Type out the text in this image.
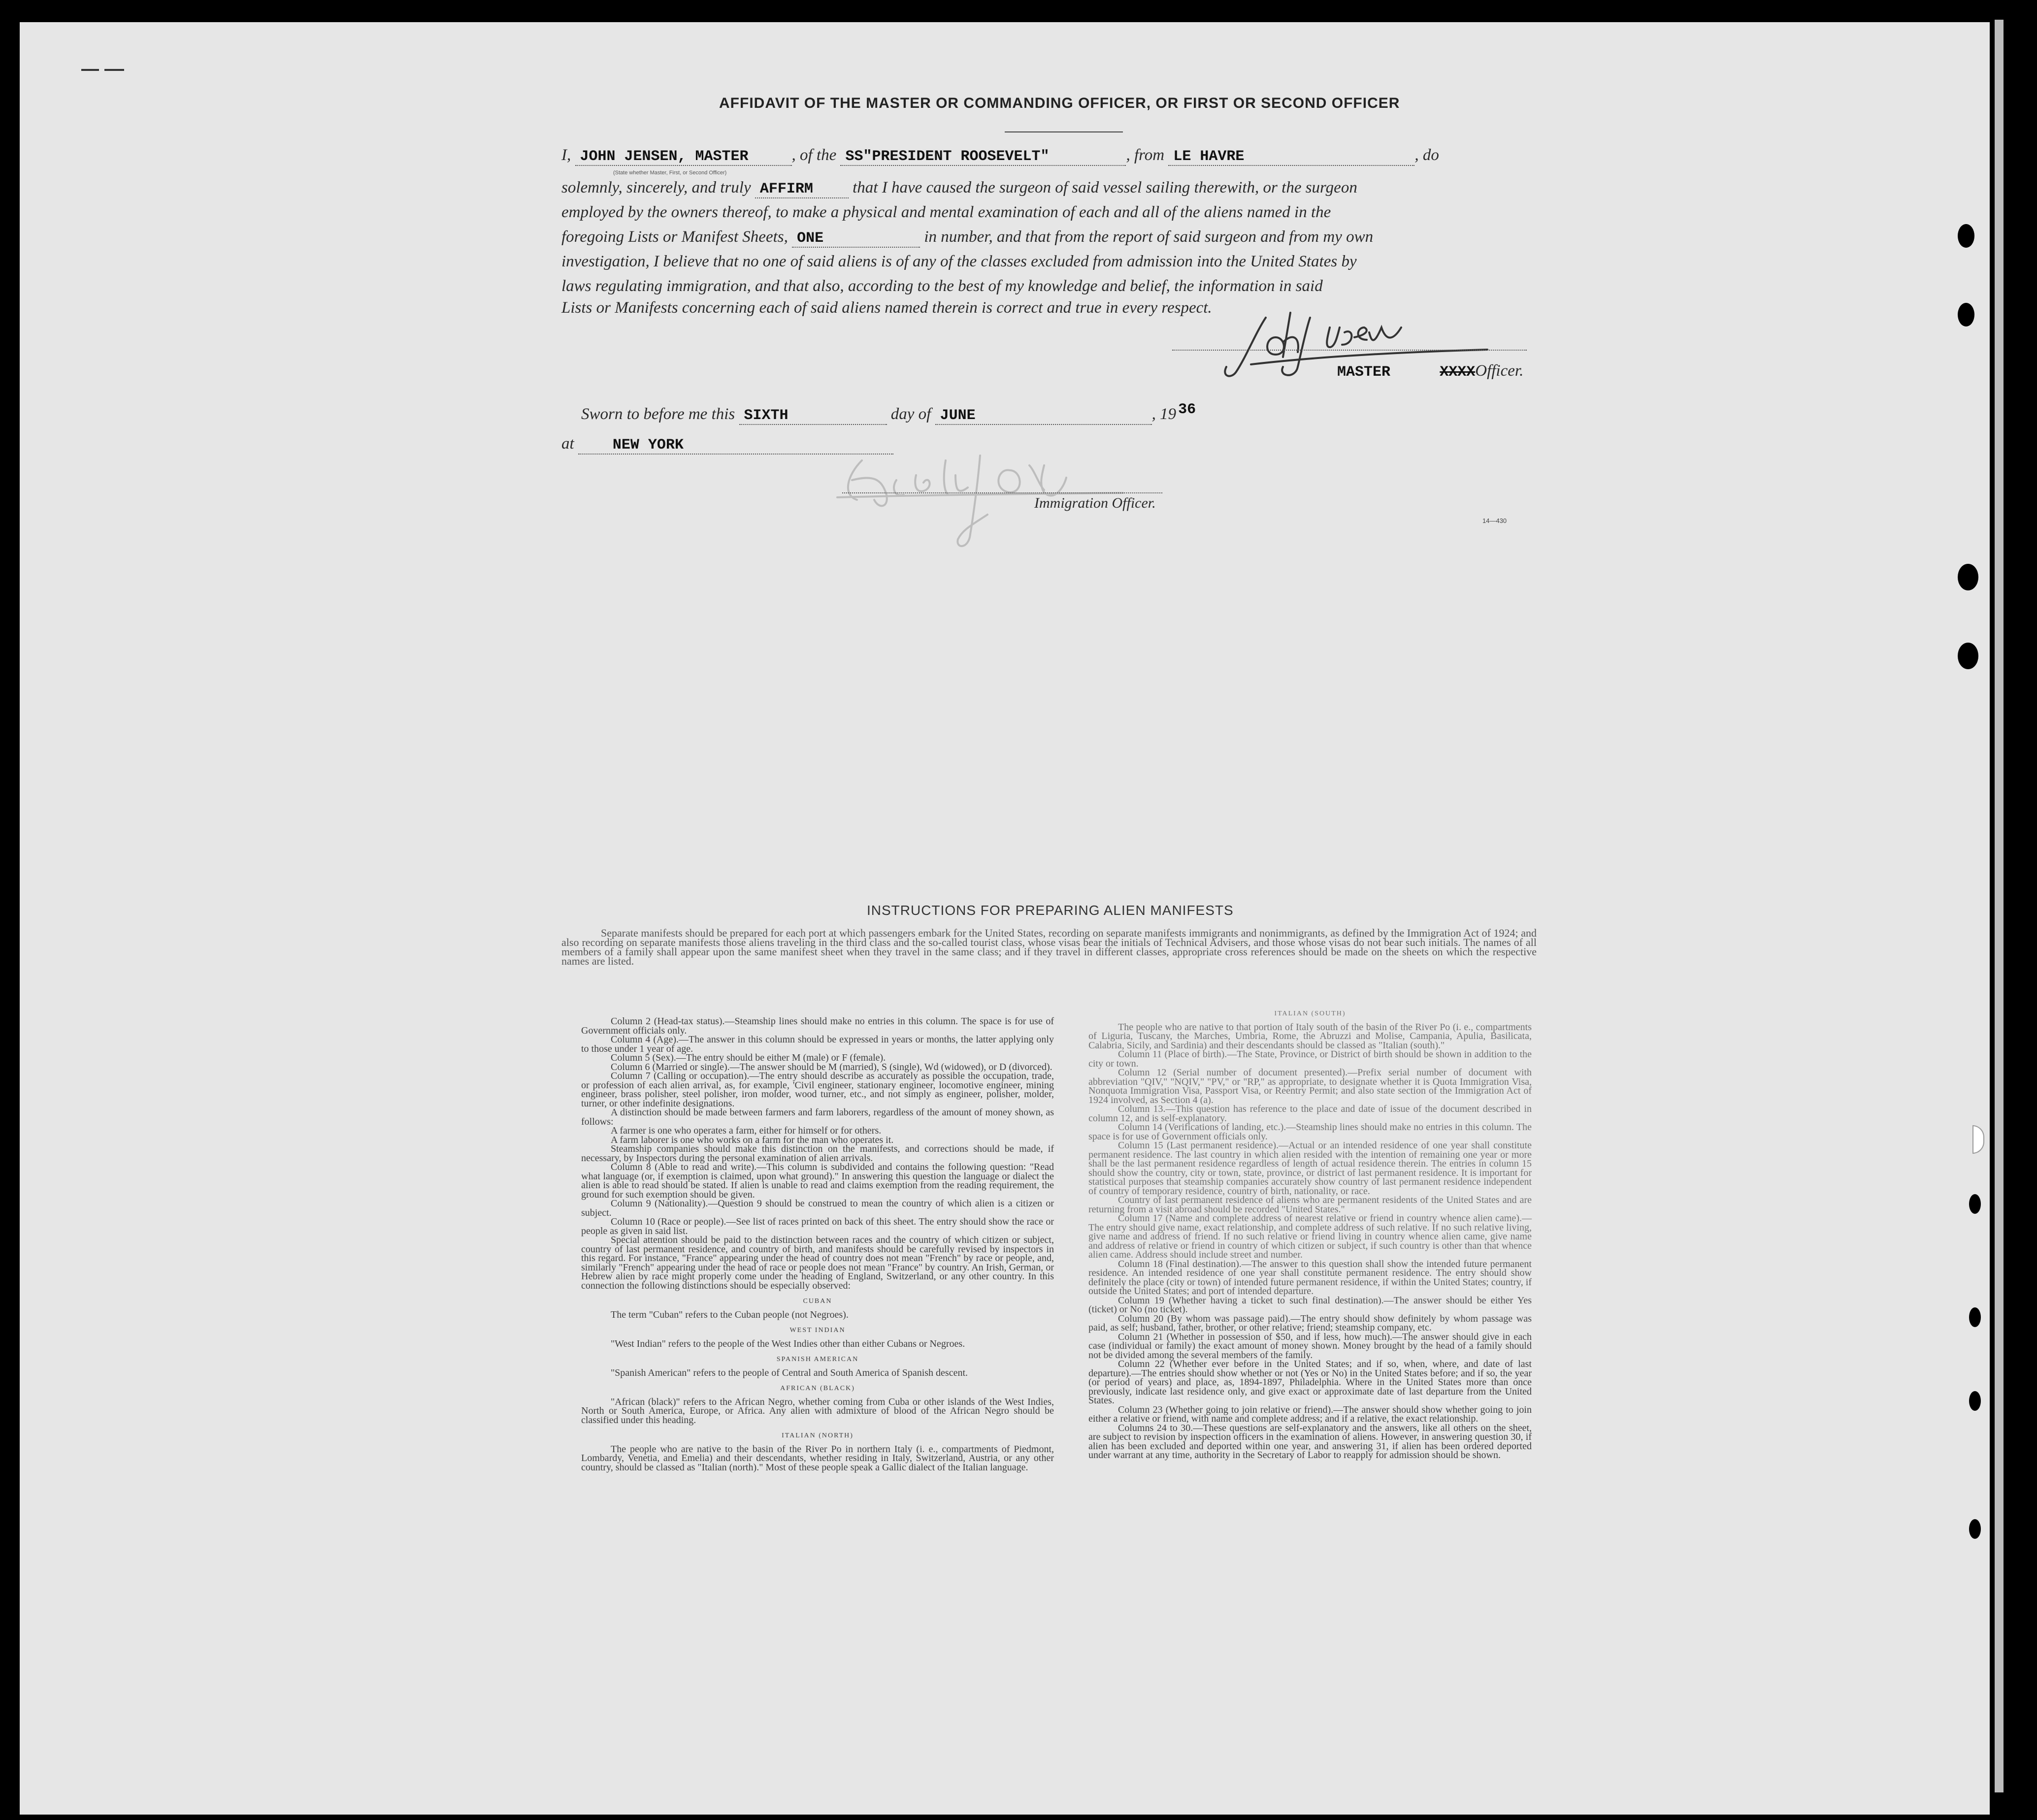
AFFIDAVIT OF THE MASTER OR COMMANDING OFFICER, OR FIRST OR SECOND OFFICER
I, JOHN JENSEN, MASTER	, of the SS"PRESIDENT ROOSEVELT"	, from LE HAVRE	, do
(State whether Master, First, or Second Officer)
solemnly, sincerely, and truly AFFIRM that I have caused the surgeon of said vessel sailing therewith, or the surgeon
employed by the owners thereof, to make a physical and mental examination of each and all of the aliens named in the
foregoing Lists or Manifest Sheets, ONE	in number, and that from the report of said surgeon and from my own
investigation, I believe that no one of said aliens is of any of the classes excluded from admission into the United States by
laws regulating immigration, and that also, according to the best of my knowledge and belief, the information in said
Lists or Manifests concerning each of said aliens named therein is correct and true in every respect.
MASTER	XXXXOfficer.
Sworn to before me this SIXTH	day of JUNE	, 19 36
at	NEW YORK
Immigration Officer.
14—430
INSTRUCTIONS FOR PREPARING ALIEN MANIFESTS

Separate manifests should be prepared for each port at which passengers embark for the United States, recording on separate manifests immigrants and nonimmigrants, as defined by the Immigration Act of 1924; and also recording on separate manifests those aliens traveling in the third class and the so-called tourist class, whose visas bear the initials of Technical Advisers, and those whose visas do not bear such initials. The names of all members of a family shall appear upon the same manifest sheet when they travel in the same class; and if they travel in different classes, appropriate cross references should be made on the sheets on which the respective names are listed.

Column 2 (Head-tax status).—Steamship lines should make no entries in this column. The space is for use of Government officials only.

Column 4 (Age).—The answer in this column should be expressed in years or months, the latter applying only to those under 1 year of age.

Column 5 (Sex).—The entry should be either M (male) or F (female).

Column 6 (Married or single).—The answer should be M (married), S (single), Wd (widowed), or D (divorced).

Column 7 (Calling or occupation).—The entry should describe as accurately as possible the occupation, trade, or profession of each alien arrival, as, for example, 'Civil engineer, stationary engineer, locomotive engineer, mining engineer, brass polisher, steel polisher, iron molder, wood turner, etc., and not simply as engineer, polisher, molder, turner, or other indefinite designations.

A distinction should be made between farmers and farm laborers, regardless of the amount of money shown, as follows:

A farmer is one who operates a farm, either for himself or for others.

A farm laborer is one who works on a farm for the man who operates it.

Steamship companies should make this distinction on the manifests, and corrections should be made, if necessary, by Inspectors during the personal examination of alien arrivals.

Column 8 (Able to read and write).—This column is subdivided and contains the following question: "Read what language (or, if exemption is claimed, upon what ground)." In answering this question the language or dialect the alien is able to read should be stated. If alien is unable to read and claims exemption from the reading requirement, the ground for such exemption should be given.

Column 9 (Nationality).—Question 9 should be construed to mean the country of which alien is a citizen or subject.

Column 10 (Race or people).—See list of races printed on back of this sheet. The entry should show the race or people as given in said list.

Special attention should be paid to the distinction between races and the country of which citizen or subject, country of last permanent residence, and country of birth, and manifests should be carefully revised by inspectors in this regard. For instance, "France" appearing under the head of country does not mean "French" by race or people, and, similarly "French" appearing under the head of race or people does not mean "France" by country. An Irish, German, or Hebrew alien by race might properly come under the heading of England, Switzerland, or any other country. In this connection the following distinctions should be especially observed:

CUBAN

The term "Cuban" refers to the Cuban people (not Negroes).

WEST INDIAN

"West Indian" refers to the people of the West Indies other than either Cubans or Negroes.

SPANISH AMERICAN

"Spanish American" refers to the people of Central and South America of Spanish descent.

AFRICAN (BLACK)

"African (black)" refers to the African Negro, whether coming from Cuba or other islands of the West Indies, North or South America, Europe, or Africa. Any alien with admixture of blood of the African Negro should be classified under this heading.

ITALIAN (NORTH)

The people who are native to the basin of the River Po in northern Italy (i. e., compartments of Piedmont, Lombardy, Venetia, and Emelia) and their descendants, whether residing in Italy, Switzerland, Austria, or any other country, should be classed as "Italian (north)." Most of these people speak a Gallic dialect of the Italian language.

ITALIAN (SOUTH)

The people who are native to that portion of Italy south of the basin of the River Po (i. e., compartments of Liguria, Tuscany, the Marches, Umbria, Rome, the Abruzzi and Molise, Campania, Apulia, Basilicata, Calabria, Sicily, and Sardinia) and their descendants should be classed as "Italian (south)."

Column 11 (Place of birth).—The State, Province, or District of birth should be shown in addition to the city or town.

Column 12 (Serial number of document presented).—Prefix serial number of document with abbreviation "QIV," "NQIV," "PV," or "RP," as appropriate, to designate whether it is Quota Immigration Visa, Nonquota Immigration Visa, Passport Visa, or Reentry Permit; and also state section of the Immigration Act of 1924 involved, as Section 4 (a).

Column 13.—This question has reference to the place and date of issue of the document described in column 12, and is self-explanatory.

Column 14 (Verifications of landing, etc.).—Steamship lines should make no entries in this column. The space is for use of Government officials only.

Column 15 (Last permanent residence).—Actual or an intended residence of one year shall constitute permanent residence. The last country in which alien resided with the intention of remaining one year or more shall be the last permanent residence regardless of length of actual residence therein. The entries in column 15 should show the country, city or town, state, province, or district of last permanent residence. It is important for statistical purposes that steamship companies accurately show country of last permanent residence independent of country of temporary residence, country of birth, nationality, or race.

Country of last permanent residence of aliens who are permanent residents of the United States and are returning from a visit abroad should be recorded "United States."

Column 17 (Name and complete address of nearest relative or friend in country whence alien came).—The entry should give name, exact relationship, and complete address of such relative. If no such relative living, give name and address of friend. If no such relative or friend living in country whence alien came, give name and address of relative or friend in country of which citizen or subject, if such country is other than that whence alien came. Address should include street and number.

Column 18 (Final destination).—The answer to this question shall show the intended future permanent residence. An intended residence of one year shall constitute permanent residence. The entry should show definitely the place (city or town) of intended future permanent residence, if within the United States; country, if outside the United States; and port of intended departure.

Column 19 (Whether having a ticket to such final destination).—The answer should be either Yes (ticket) or No (no ticket).

Column 20 (By whom was passage paid).—The entry should show definitely by whom passage was paid, as self; husband, father, brother, or other relative; friend; steamship company, etc.

Column 21 (Whether in possession of $50, and if less, how much).—The answer should give in each case (individual or family) the exact amount of money shown. Money brought by the head of a family should not be divided among the several members of the family.

Column 22 (Whether ever before in the United States; and if so, when, where, and date of last departure).—The entries should show whether or not (Yes or No) in the United States before; and if so, the year (or period of years) and place, as, 1894-1897, Philadelphia. Where in the United States more than once previously, indicate last residence only, and give exact or approximate date of last departure from the United States.

Column 23 (Whether going to join relative or friend).—The answer should show whether going to join either a relative or friend, with name and complete address; and if a relative, the exact relationship.

Columns 24 to 30.—These questions are self-explanatory and the answers, like all others on the sheet, are subject to revision by inspection officers in the examination of aliens. However, in answering question 30, if alien has been excluded and deported within one year, and answering 31, if alien has been ordered deported under warrant at any time, authority in the Secretary of Labor to reapply for admission should be shown.
